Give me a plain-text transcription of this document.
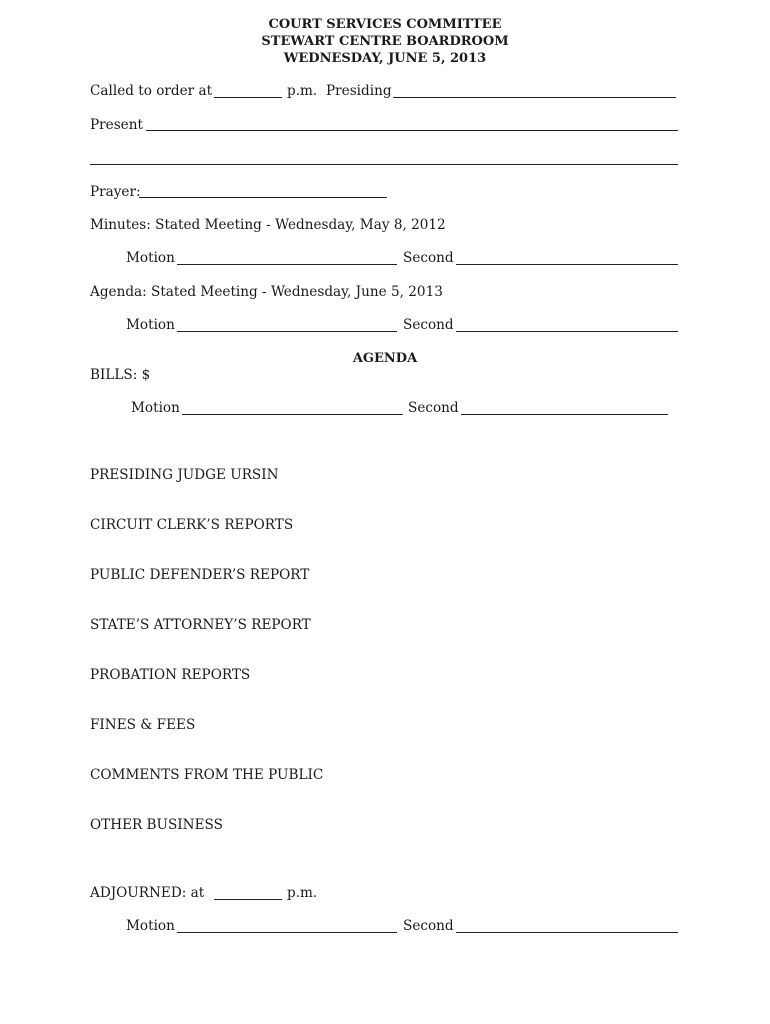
COURT SERVICES COMMITTEE
STEWART CENTRE BOARDROOM
WEDNESDAY, JUNE 5, 2013
Called to order at	p.m. Presiding
Present
Prayer:
Minutes: Stated Meeting - Wednesday, May 8, 2012
Motion	Second
Agenda: Stated Meeting - Wednesday, June 5, 2013
Motion	Second
AGENDA
BILLS: $
Motion	Second
PRESIDING JUDGE URSIN
CIRCUIT CLERK’S REPORTS
PUBLIC DEFENDER’S REPORT
STATE’S ATTORNEY’S REPORT
PROBATION REPORTS
FINES & FEES
COMMENTS FROM THE PUBLIC
OTHER BUSINESS
ADJOURNED: at	p.m.
Motion	Second
